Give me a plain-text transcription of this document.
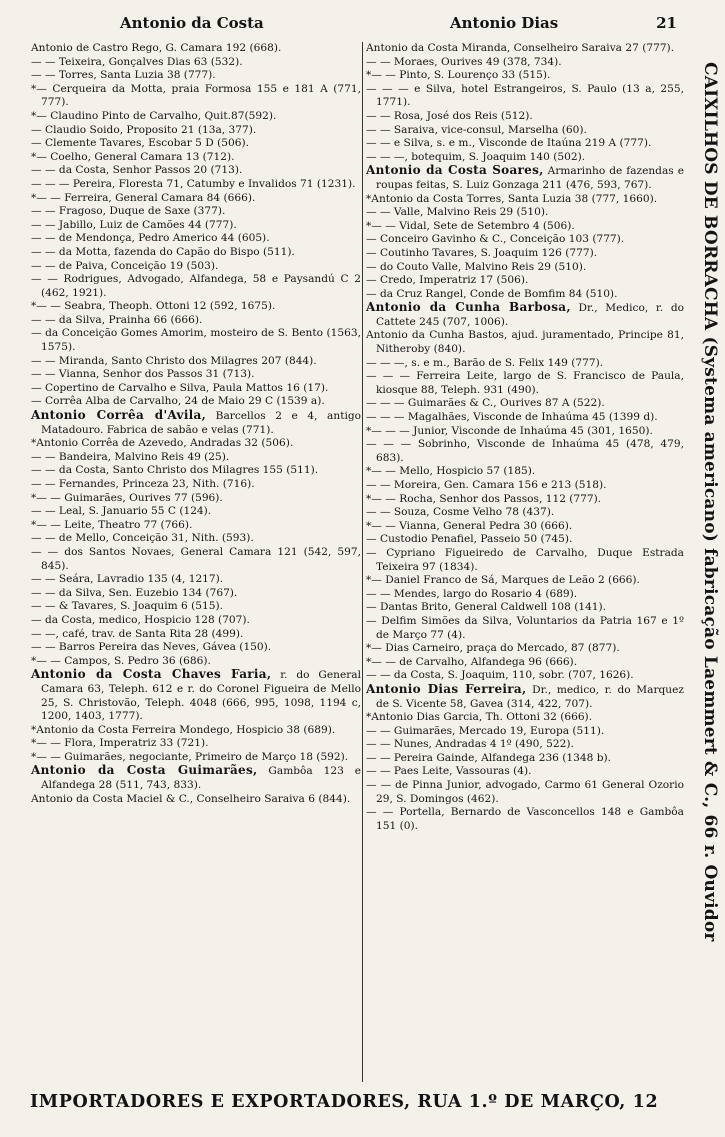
Antonio da Costa	Antonio Dias	21

Antonio de Castro Rego, G. Camara 192 (668).

— — Teixeira, Gonçalves Dias 63 (532).

— — Torres, Santa Luzia 38 (777).

*— Cerqueira da Motta, praia Formosa 155 e 181 A (771, 777).

*— Claudino Pinto de Carvalho, Quit.87(592).

— Claudio Soido, Proposito 21 (13a, 377).

— Clemente Tavares, Escobar 5 D (506).

*— Coelho, General Camara 13 (712).

— — da Costa, Senhor Passos 20 (713).

— — — Pereira, Floresta 71, Catumby e Invalidos 71 (1231).

*— — Ferreira, General Camara 84 (666).

— — Fragoso, Duque de Saxe (377).

— — Jabillo, Luiz de Camões 44 (777).

— — de Mendonça, Pedro Americo 44 (605).

— — da Motta, fazenda do Capão do Bispo (511).

— — de Paiva, Conceição 19 (503).

— — Rodrigues, Advogado, Alfandega, 58 e Paysandú C 2 (462, 1921).

*— — Seabra, Theoph. Ottoni 12 (592, 1675).

— — da Silva, Prainha 66 (666).

— da Conceição Gomes Amorim, mosteiro de S. Bento (1563, 1575).

— — Miranda, Santo Christo dos Milagres 207 (844).

— — Vianna, Senhor dos Passos 31 (713).

— Copertino de Carvalho e Silva, Paula Mattos 16 (17).

— Corrêa Alba de Carvalho, 24 de Maio 29 C (1539 a).

Antonio Corrêa d'Avila, Barcellos 2 e 4, antigo Matadouro. Fabrica de sabão e velas (771).

*Antonio Corrêa de Azevedo, Andradas 32 (506).

— — Bandeira, Malvino Reis 49 (25).

— — da Costa, Santo Christo dos Milagres 155 (511).

— — Fernandes, Princeza 23, Nith. (716).

*— — Guimarães, Ourives 77 (596).

— — Leal, S. Januario 55 C (124).

*— — Leite, Theatro 77 (766).

— — de Mello, Conceição 31, Nith. (593).

— — dos Santos Novaes, General Camara 121 (542, 597, 845).

— — Seára, Lavradio 135 (4, 1217).

— — da Silva, Sen. Euzebio 134 (767).

— — & Tavares, S. Joaquim 6 (515).

— da Costa, medico, Hospicio 128 (707).

— —, café, trav. de Santa Rita 28 (499).

— — Barros Pereira das Neves, Gávea (150).

*— — Campos, S. Pedro 36 (686).

Antonio da Costa Chaves Faria, r. do General Camara 63, Teleph. 612 e r. do Coronel Figueira de Mello 25, S. Christovão, Teleph. 4048 (666, 995, 1098, 1194 c, 1200, 1403, 1777).

*Antonio da Costa Ferreira Mondego, Hospicio 38 (689).

*— — Flora, Imperatriz 33 (721).

*— — Guimarães, negociante, Primeiro de Março 18 (592).

Antonio da Costa Guimarães, Gambôa 123 e Alfandega 28 (511, 743, 833).

Antonio da Costa Maciel & C., Conselheiro Saraiva 6 (844).

Antonio da Costa Miranda, Conselheiro Saraiva 27 (777).

— — Moraes, Ourives 49 (378, 734).

*— — Pinto, S. Lourenço 33 (515).

— — — e Silva, hotel Estrangeiros, S. Paulo (13 a, 255, 1771).

— — Rosa, José dos Reis (512).

— — Saraiva, vice-consul, Marselha (60).

— — e Silva, s. e m., Visconde de Itaúna 219 A (777).

— — —, botequim, S. Joaquim 140 (502).

Antonio da Costa Soares, Armarinho de fazendas e roupas feitas, S. Luiz Gonzaga 211 (476, 593, 767).

*Antonio da Costa Torres, Santa Luzia 38 (777, 1660).

— — Valle, Malvino Reis 29 (510).

*— — Vidal, Sete de Setembro 4 (506).

— Conceiro Gavinho & C., Conceição 103 (777).

— Coutinho Tavares, S. Joaquim 126 (777).

— do Couto Valle, Malvino Reis 29 (510).

— Credo, Imperatriz 17 (506).

— da Cruz Rangel, Conde de Bomfim 84 (510).

Antonio da Cunha Barbosa, Dr., Medico, r. do Cattete 245 (707, 1006).

Antonio da Cunha Bastos, ajud. juramentado, Principe 81, Nitheroby (840).

— — —, s. e m., Barão de S. Felix 149 (777).

— — — Ferreira Leite, largo de S. Francisco de Paula, kiosque 88, Teleph. 931 (490).

— — — Guimarães & C., Ourives 87 A (522).

— — — Magalhães, Visconde de Inhaúma 45 (1399 d).

*— — — Junior, Visconde de Inhaúma 45 (301, 1650).

— — — Sobrinho, Visconde de Inhaúma 45 (478, 479, 683).

*— — Mello, Hospicio 57 (185).

— — Moreira, Gen. Camara 156 e 213 (518).

*— — Rocha, Senhor dos Passos, 112 (777).

— — Souza, Cosme Velho 78 (437).

*— — Vianna, General Pedra 30 (666).

— Custodio Penafiel, Passeio 50 (745).

— Cypriano Figueiredo de Carvalho, Duque Estrada Teixeira 97 (1834).

*— Daniel Franco de Sá, Marques de Leão 2 (666).

— — Mendes, largo do Rosario 4 (689).

— Dantas Brito, General Caldwell 108 (141).

— Delfim Simões da Silva, Voluntarios da Patria 167 e 1º de Março 77 (4).

*— Dias Carneiro, praça do Mercado, 87 (877).

*— — de Carvalho, Alfandega 96 (666).

— — da Costa, S. Joaquim, 110, sobr. (707, 1626).

Antonio Dias Ferreira, Dr., medico, r. do Marquez de S. Vicente 58, Gavea (314, 422, 707).

*Antonio Dias Garcia, Th. Ottoni 32 (666).

— — Guimarães, Mercado 19, Europa (511).

— — Nunes, Andradas 4 1º (490, 522).

— — Pereira Gainde, Alfandega 236 (1348 b).

— — Paes Leite, Vassouras (4).

— — de Pinna Junior, advogado, Carmo 61 General Ozorio 29, S. Domingos (462).

— — Portella, Bernardo de Vasconcellos 148 e Gambôa 151 (0).	CAIXILHOS DE BORRACHA (Systema americano) fabricação Laemmert & C., 66 r. Ouvidor
IMPORTADORES E EXPORTADORES, RUA 1.º DE MARÇO, 12
